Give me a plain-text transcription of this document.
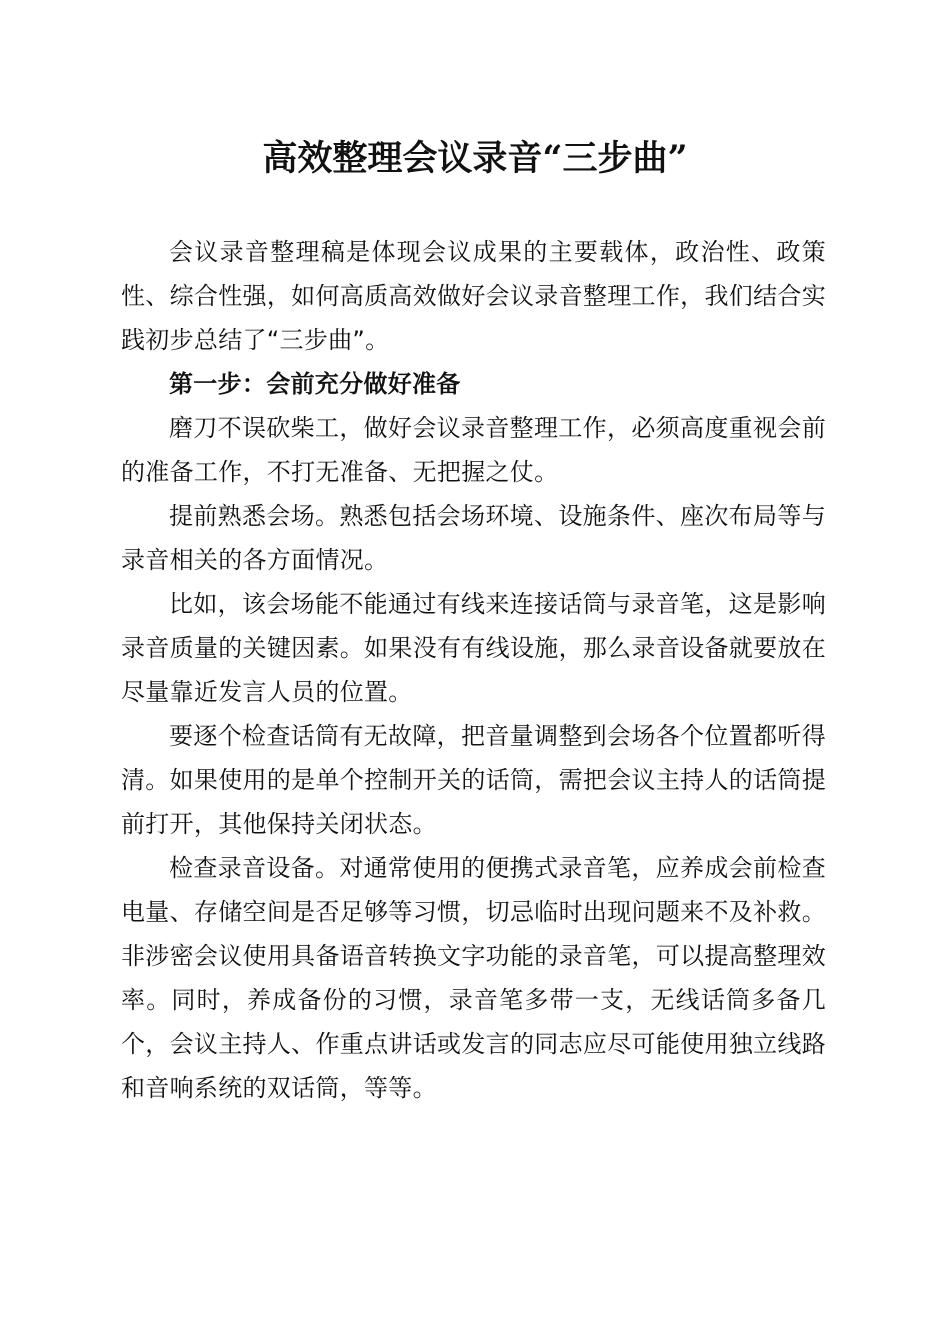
高效整理会议录音“三步曲”

会议录音整理稿是体现会议成果的主要载体，政治性、政策性、综合性强，如何高质高效做好会议录音整理工作，我们结合实践初步总结了“三步曲”。

第一步：会前充分做好准备

磨刀不误砍柴工，做好会议录音整理工作，必须高度重视会前的准备工作，不打无准备、无把握之仗。

提前熟悉会场。熟悉包括会场环境、设施条件、座次布局等与录音相关的各方面情况。

比如，该会场能不能通过有线来连接话筒与录音笔，这是影响录音质量的关键因素。如果没有有线设施，那么录音设备就要放在尽量靠近发言人员的位置。

要逐个检查话筒有无故障，把音量调整到会场各个位置都听得清。如果使用的是单个控制开关的话筒，需把会议主持人的话筒提前打开，其他保持关闭状态。

检查录音设备。对通常使用的便携式录音笔，应养成会前检查电量、存储空间是否足够等习惯，切忌临时出现问题来不及补救。非涉密会议使用具备语音转换文字功能的录音笔，可以提高整理效率。同时，养成备份的习惯，录音笔多带一支，无线话筒多备几个，会议主持人、作重点讲话或发言的同志应尽可能使用独立线路和音响系统的双话筒，等等。
